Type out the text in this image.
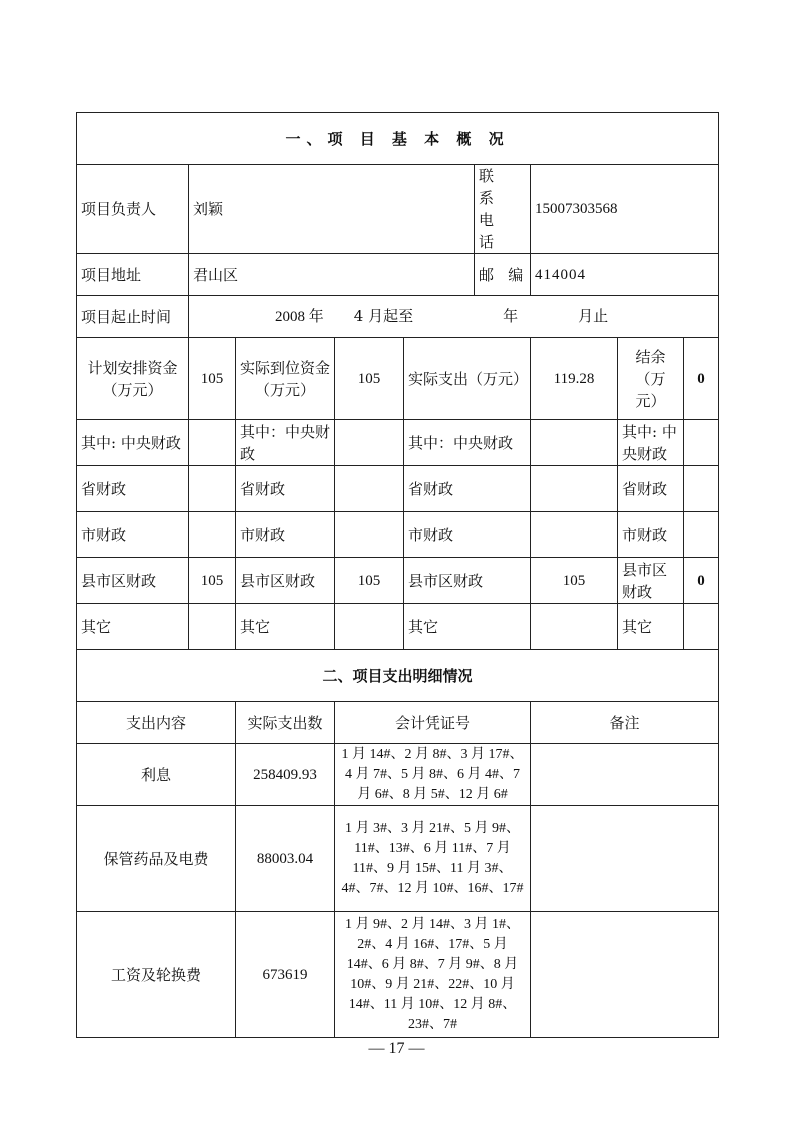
一、项 目 基 本 概 况								
项目负责人	刘颖				联 系 电 话	15007303568		
项目地址	君山区				邮   编	414004		
项目起止时间	2008 年 4 月起至 年 月止							
计划安排资金（万元）	105	实际到位资金（万元）	105	实际支出（万元）		119.28	结余（万元）	0
其中: 中央财政		其中：中央财政		其中：中央财政			其中: 中央财政	
省财政		省财政		省财政			省财政	
市财政		市财政		市财政			市财政	
县市区财政	105	县市区财政	105	县市区财政		105	县市区财政	0
其它		其它		其它			其它	
二、项目支出明细情况								
支出内容		实际支出数	会计凭证号			备注		
利息		258409.93	1 月 14#、2 月 8#、3 月 17#、4 月 7#、5 月 8#、6 月 4#、7 月 6#、8 月 5#、12 月 6#					
保管药品及电费		88003.04	1 月 3#、3 月 21#、5 月 9#、11#、13#、6 月 11#、7 月 11#、9 月 15#、11 月 3#、4#、7#、12 月 10#、16#、17#					
工资及轮换费		673619	1 月 9#、2 月 14#、3 月 1#、2#、4 月 16#、17#、5 月 14#、6 月 8#、7 月 9#、8 月 10#、9 月 21#、22#、10 月 14#、11 月 10#、12 月 8#、23#、7#					
— 17 —
